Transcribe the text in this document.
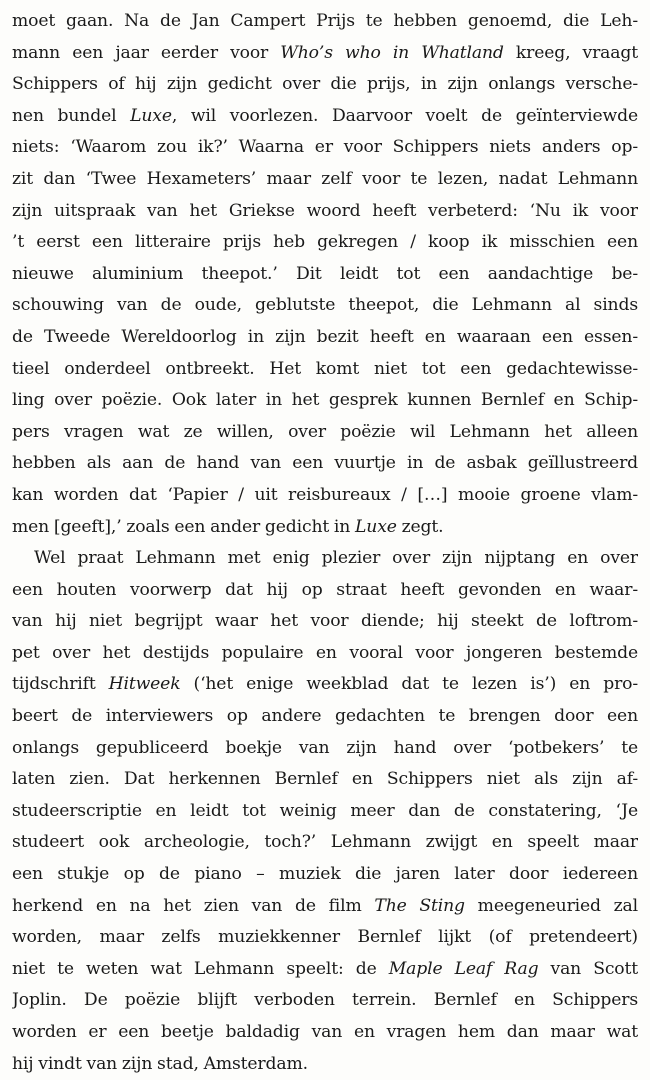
moet gaan. Na de Jan Campert Prijs te hebben genoemd, die Leh-
mann een jaar eerder voor Who’s who in Whatland kreeg, vraagt
Schippers of hij zijn gedicht over die prijs, in zijn onlangs versche-
nen bundel Luxe, wil voorlezen. Daarvoor voelt de geïnterviewde
niets: ‘Waarom zou ik?’ Waarna er voor Schippers niets anders op-
zit dan ‘Twee Hexameters’ maar zelf voor te lezen, nadat Lehmann
zijn uitspraak van het Griekse woord heeft verbeterd: ‘Nu ik voor
’t eerst een litteraire prijs heb gekregen / koop ik misschien een
nieuwe aluminium theepot.’ Dit leidt tot een aandachtige be-
schouwing van de oude, geblutste theepot, die Lehmann al sinds
de Tweede Wereldoorlog in zijn bezit heeft en waaraan een essen-
tieel onderdeel ontbreekt. Het komt niet tot een gedachtewisse-
ling over poëzie. Ook later in het gesprek kunnen Bernlef en Schip-
pers vragen wat ze willen, over poëzie wil Lehmann het alleen
hebben als aan de hand van een vuurtje in de asbak geïllustreerd
kan worden dat ‘Papier / uit reisbureaux / […] mooie groene vlam-
men [geeft],’ zoals een ander gedicht in Luxe zegt.

Wel praat Lehmann met enig plezier over zijn nijptang en over
een houten voorwerp dat hij op straat heeft gevonden en waar-
van hij niet begrijpt waar het voor diende; hij steekt de loftrom-
pet over het destijds populaire en vooral voor jongeren bestemde
tijdschrift Hitweek (‘het enige weekblad dat te lezen is’) en pro-
beert de interviewers op andere gedachten te brengen door een
onlangs gepubliceerd boekje van zijn hand over ‘potbekers’ te
laten zien. Dat herkennen Bernlef en Schippers niet als zijn af-
studeerscriptie en leidt tot weinig meer dan de constatering, ‘Je
studeert ook archeologie, toch?’ Lehmann zwijgt en speelt maar
een stukje op de piano – muziek die jaren later door iedereen
herkend en na het zien van de film The Sting meegeneuried zal
worden, maar zelfs muziekkenner Bernlef lijkt (of pretendeert)
niet te weten wat Lehmann speelt: de Maple Leaf Rag van Scott
Joplin. De poëzie blijft verboden terrein. Bernlef en Schippers
worden er een beetje baldadig van en vragen hem dan maar wat
hij vindt van zijn stad, Amsterdam.
